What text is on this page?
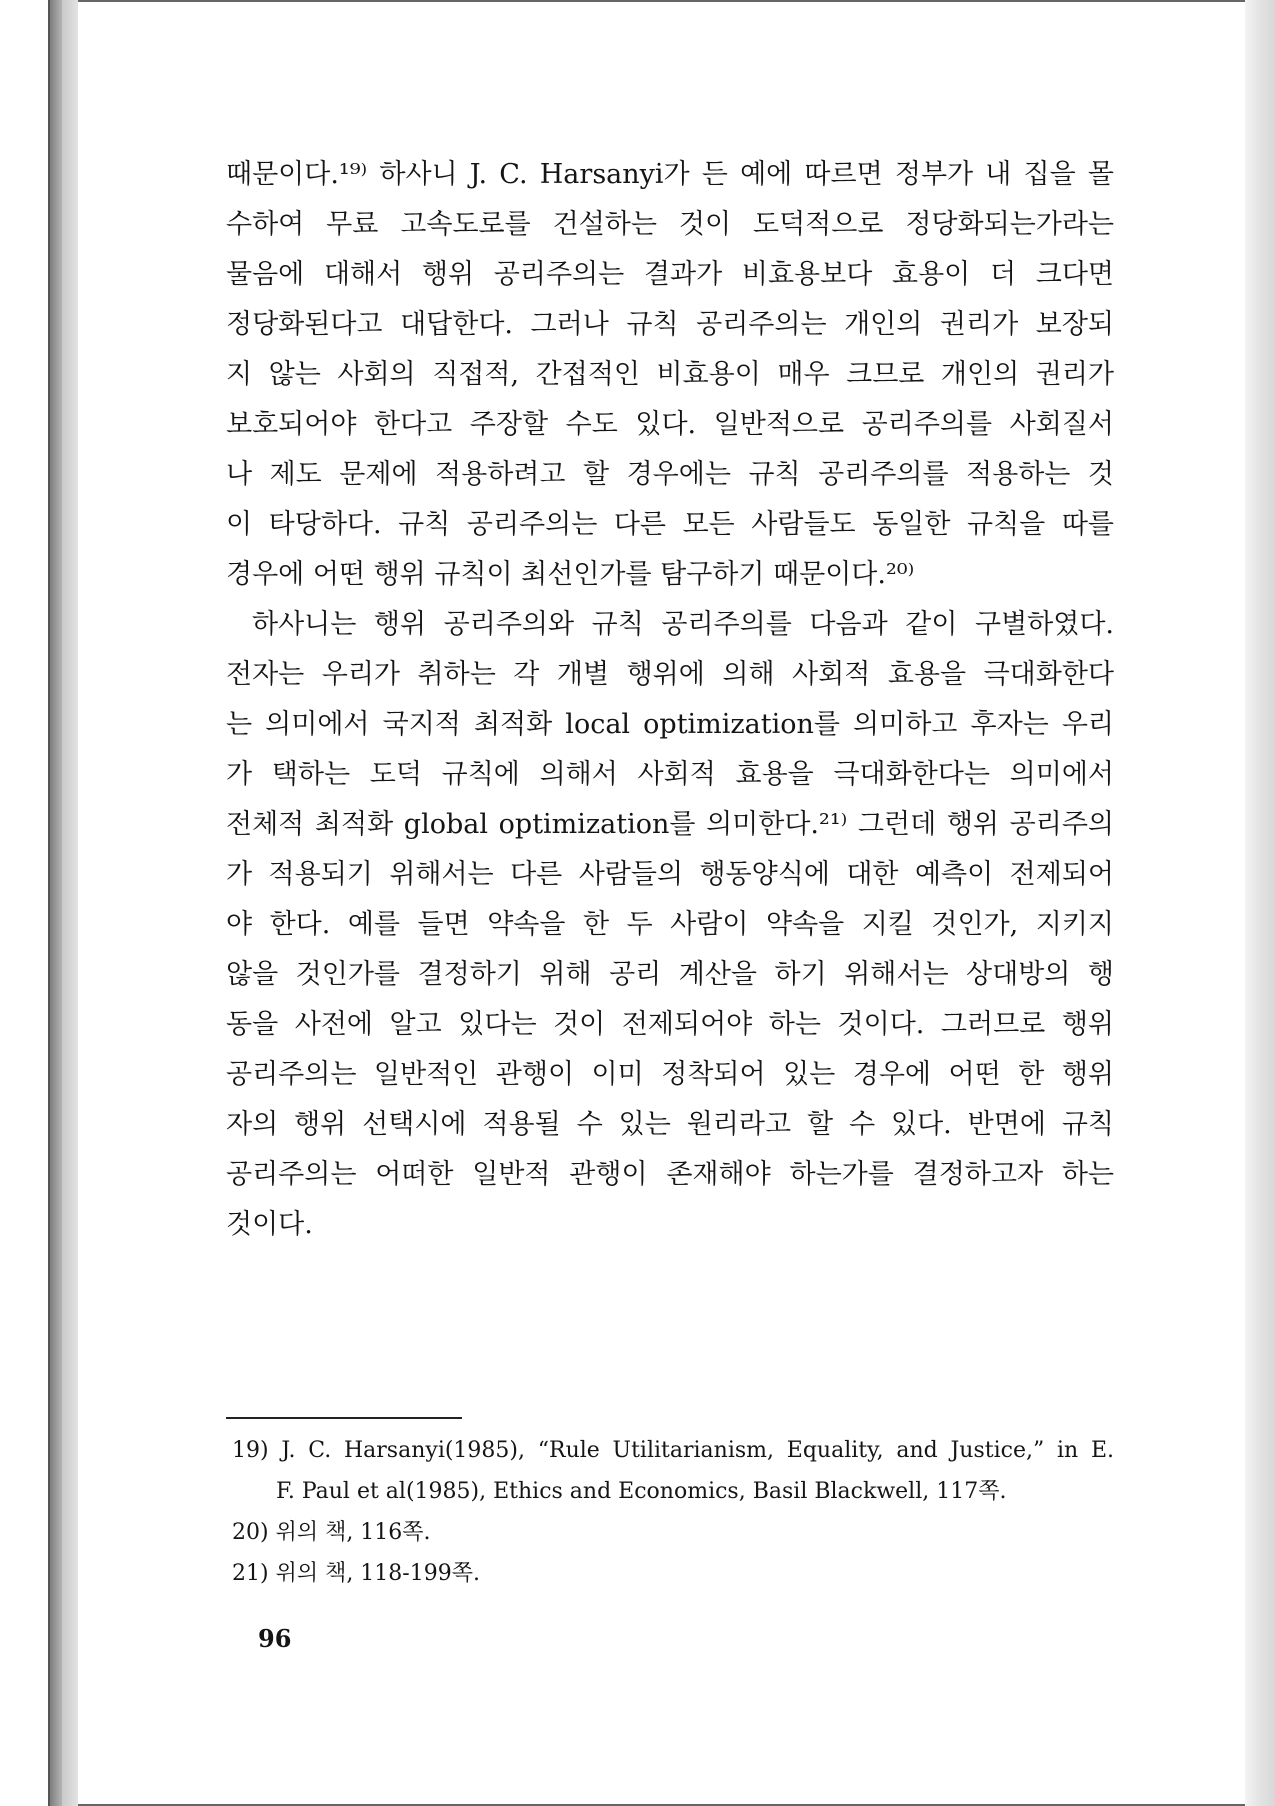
때문이다.¹⁹⁾ 하사니 J. C. Harsanyi가 든 예에 따르면 정부가 내 집을 몰
수하여 무료 고속도로를 건설하는 것이 도덕적으로 정당화되는가라는
물음에 대해서 행위 공리주의는 결과가 비효용보다 효용이 더 크다면
정당화된다고 대답한다. 그러나 규칙 공리주의는 개인의 권리가 보장되
지 않는 사회의 직접적, 간접적인 비효용이 매우 크므로 개인의 권리가
보호되어야 한다고 주장할 수도 있다. 일반적으로 공리주의를 사회질서
나 제도 문제에 적용하려고 할 경우에는 규칙 공리주의를 적용하는 것
이 타당하다. 규칙 공리주의는 다른 모든 사람들도 동일한 규칙을 따를
경우에 어떤 행위 규칙이 최선인가를 탐구하기 때문이다.²⁰⁾
하사니는 행위 공리주의와 규칙 공리주의를 다음과 같이 구별하였다.
전자는 우리가 취하는 각 개별 행위에 의해 사회적 효용을 극대화한다
는 의미에서 국지적 최적화 local optimization를 의미하고 후자는 우리
가 택하는 도덕 규칙에 의해서 사회적 효용을 극대화한다는 의미에서
전체적 최적화 global optimization를 의미한다.²¹⁾ 그런데 행위 공리주의
가 적용되기 위해서는 다른 사람들의 행동양식에 대한 예측이 전제되어
야 한다. 예를 들면 약속을 한 두 사람이 약속을 지킬 것인가, 지키지
않을 것인가를 결정하기 위해 공리 계산을 하기 위해서는 상대방의 행
동을 사전에 알고 있다는 것이 전제되어야 하는 것이다. 그러므로 행위
공리주의는 일반적인 관행이 이미 정착되어 있는 경우에 어떤 한 행위
자의 행위 선택시에 적용될 수 있는 원리라고 할 수 있다. 반면에 규칙
공리주의는 어떠한 일반적 관행이 존재해야 하는가를 결정하고자 하는
것이다.
19) J. C. Harsanyi(1985), “Rule Utilitarianism, Equality, and Justice,” in E.
F. Paul et al(1985), Ethics and Economics, Basil Blackwell, 117쪽.
20) 위의 책, 116쪽.
21) 위의 책, 118-199쪽.
96
